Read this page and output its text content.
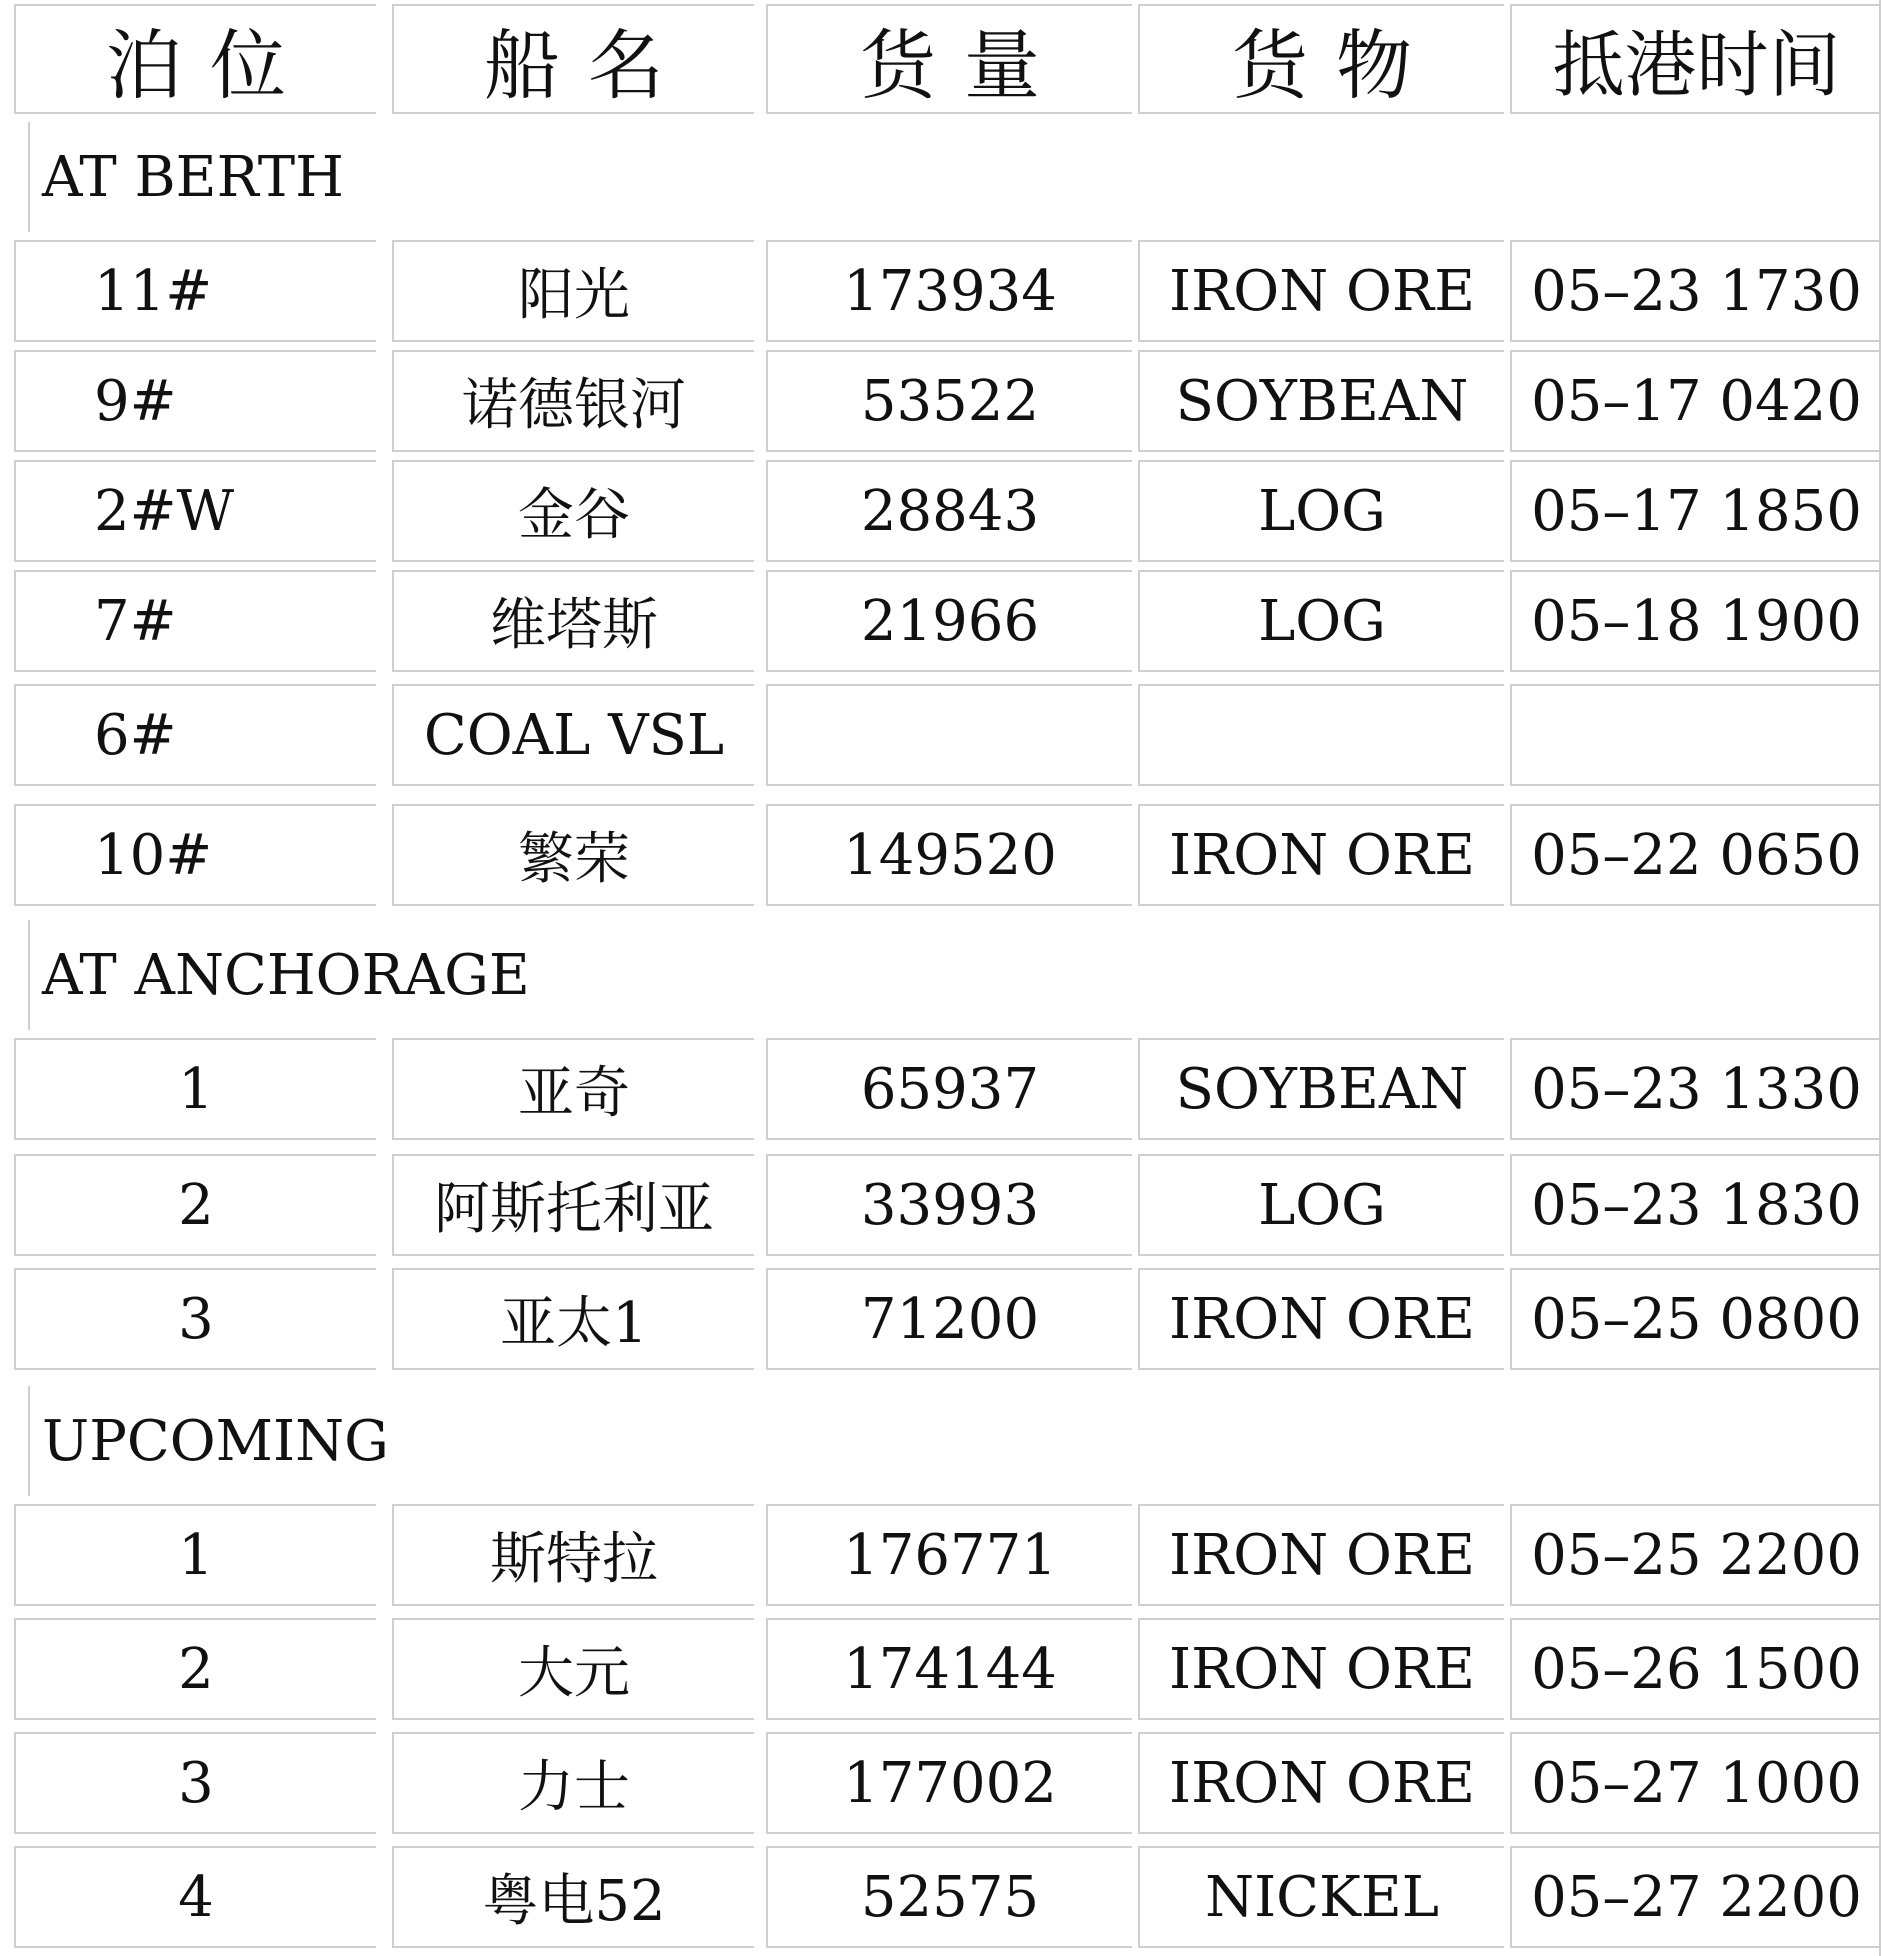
泊位	船名	货量	货物	抵港时间
AT BERTH
11#	阳光	173934	IRON ORE	05–23 1730
9#	诺德银河	53522	SOYBEAN	05–17 0420
2#W	金谷	28843	LOG	05–17 1850
7#	维塔斯	21966	LOG	05–18 1900
6#	COAL VSL
10#	繁荣	149520	IRON ORE	05–22 0650
AT ANCHORAGE
1	亚奇	65937	SOYBEAN	05–23 1330
2	阿斯托利亚	33993	LOG	05–23 1830
3	亚太1	71200	IRON ORE	05–25 0800
UPCOMING
1	斯特拉	176771	IRON ORE	05–25 2200
2	大元	174144	IRON ORE	05–26 1500
3	力士	177002	IRON ORE	05–27 1000
4	粤电52	52575	NICKEL	05–27 2200
